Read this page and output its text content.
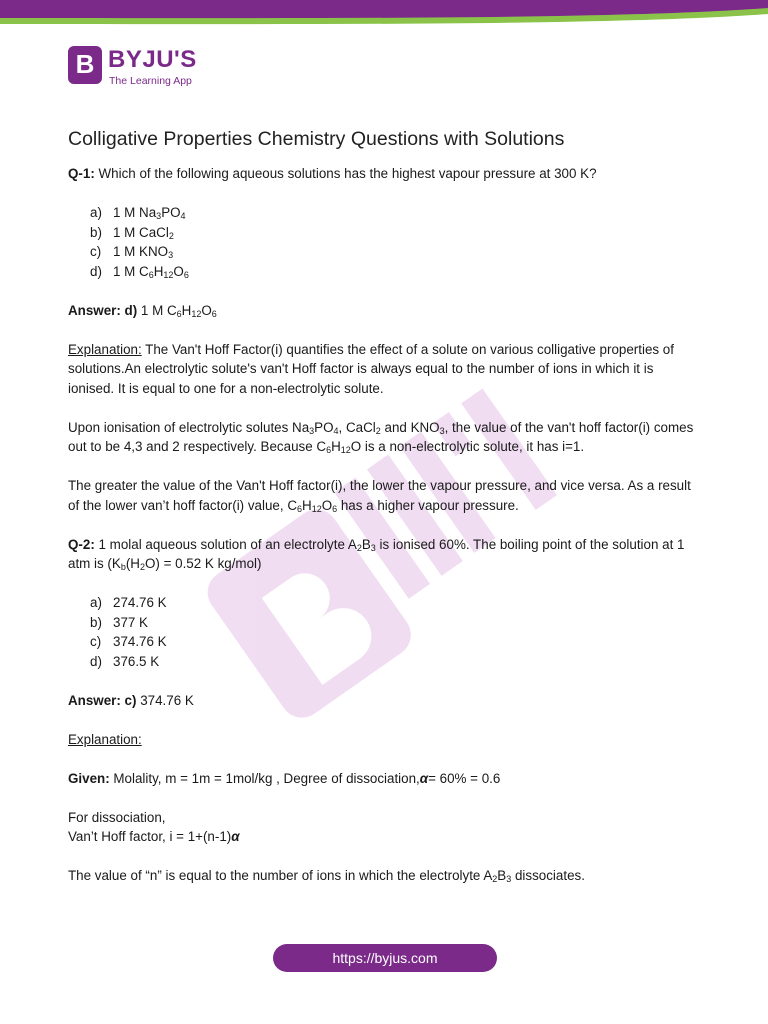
B BYJU'S
The Learning App
Colligative Properties Chemistry Questions with Solutions

Q-1: Which of the following aqueous solutions has the highest vapour pressure at 300 K?

a) 1 M $Na_3PO_4$
b) 1 M CaCl$_2$
c) 1 M $KNO_3$
d) 1 M $C_6H_{12}O_6$

Answer: d) 1 M $C_6H_{12}O_6$

Explanation: The Van't Hoff Factor(i) quantifies the effect of a solute on various colligative properties of solutions.An electrolytic solute's van't Hoff factor is always equal to the number of ions in which it is ionised. It is equal to one for a non-electrolytic solute.

Upon ionisation of electrolytic solutes $Na_3PO_4$, CaCl$_2$ and $KNO_3$, the value of the van't hoff factor(i) comes out to be 4,3 and 2 respectively. Because $C_6H_{12}O$ is a non-electrolytic solute, it has i=1.

The greater the value of the Van't Hoff factor(i), the lower the vapour pressure, and vice versa. As a result of the lower van’t hoff factor(i) value, $C_6H_{12}O_6$ has a higher vapour pressure.

Q-2: 1 molal aqueous solution of an electrolyte $A_2B_3$ is ionised 60%. The boiling point of the solution at 1 atm is ($K_b(H_2O) = 0.52$ K kg/mol)

a) 274.76 K
b) 377 K
c) 374.76 K
d) 376.5 K

Answer: c) 374.76 K

Explanation:

Given: Molality, m = 1m = 1mol/kg , Degree of dissociation,α= 60% = 0.6

For dissociation,

Van’t Hoff factor, i = 1+(n-1)α

The value of “n” is equal to the number of ions in which the electrolyte $A_2B_3$ dissociates.

https://byjus.com
